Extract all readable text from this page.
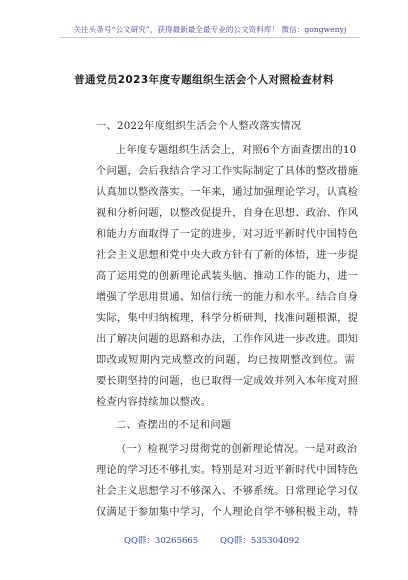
关注头条号“公文研究”，获得最新最全最专业的公文资料库！ 微信：gongwenyj
普通党员2023年度专题组织生活会个人对照检查材料
一、2022年度组织生活会个人整改落实情况
上年度专题组织生活会上，对照6个方面查摆出的10
个问题，会后我结合学习工作实际制定了具体的整改措施
认真加以整改落实。一年来，通过加强理论学习，认真检
视和分析问题，以整改促提升，自身在思想、政治、作风
和能力方面取得了一定的进步，对习近平新时代中国特色
社会主义思想和党中央大政方针有了新的体悟，进一步提
高了运用党的创新理论武装头脑、推动工作的能力，进一
增强了学思用贯通、知信行统一的能力和水平。结合自身
实际，集中归纳梳理，科学分析研判，找准问题根源，提
出了解决问题的思路和办法，工作作风进一步改进。即知
即改或短期内完成整改的问题，均已按期整改到位。需
要长期坚持的问题，也已取得一定成效并列入本年度对照
检查内容持续加以整改。
二、查摆出的不足和问题
（一）检视学习贯彻党的创新理论情况。一是对政治
理论的学习还不够扎实。特别是对习近平新时代中国特色
社会主义思想学习不够深入、不够系统。日常理论学习仅
仅满足于参加集中学习，个人理论自学不够积极主动，特
QQ群：30265665	QQ群：535304092
